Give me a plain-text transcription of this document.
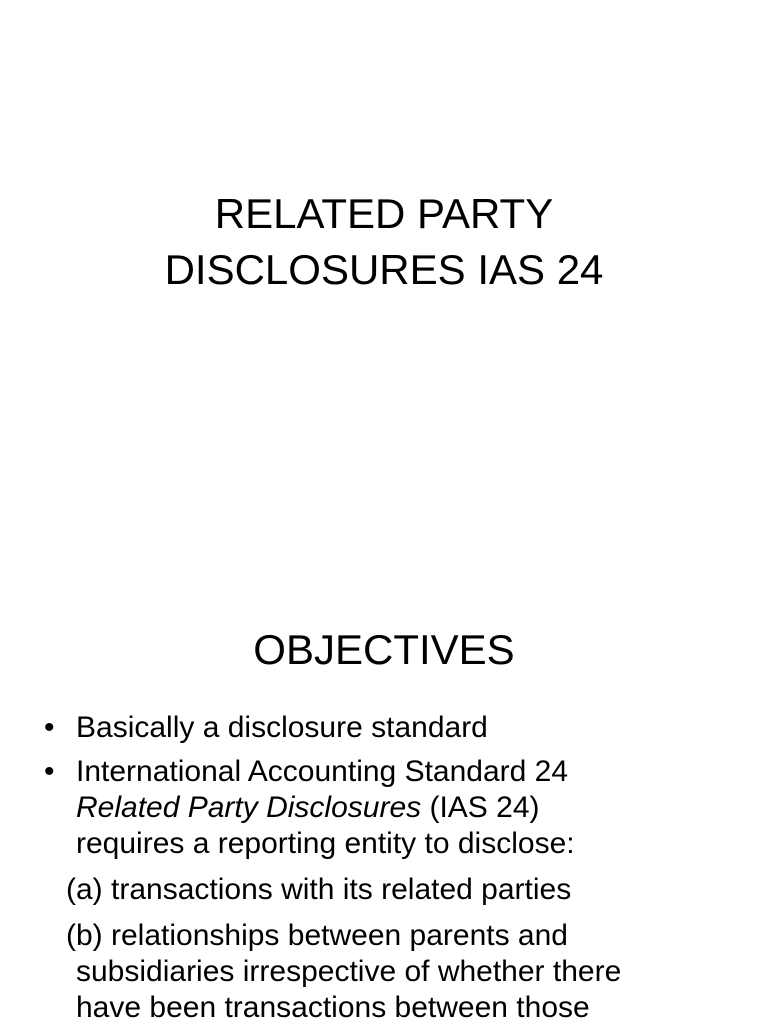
RELATED PARTY
DISCLOSURES IAS 24
OBJECTIVES
• Basically a disclosure standard
• International Accounting Standard 24
Related Party Disclosures (IAS 24)
requires a reporting entity to disclose:
(a) transactions with its related parties
(b) relationships between parents and
subsidiaries irrespective of whether there
have been transactions between those
